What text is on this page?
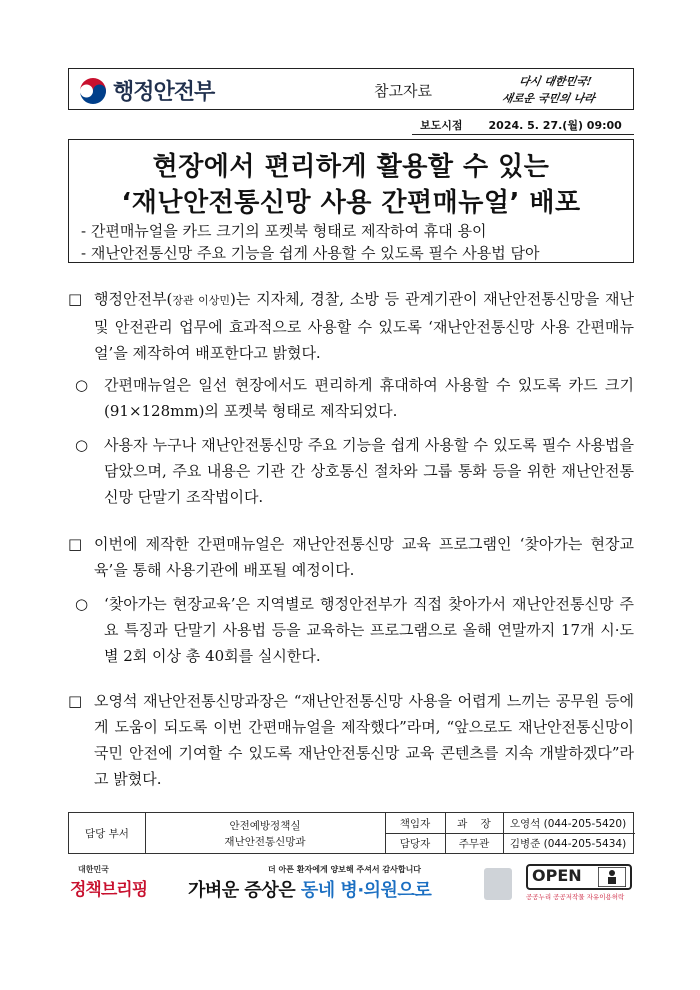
행정안전부	참고자료
다시 대한민국!
새로운 국민의 나라
보도시점 2024. 5. 27.(월) 09:00
현장에서 편리하게 활용할 수 있는
‘재난안전통신망 사용 간편매뉴얼’ 배포
- 간편매뉴얼을 카드 크기의 포켓북 형태로 제작하여 휴대 용이
- 재난안전통신망 주요 기능을 쉽게 사용할 수 있도록 필수 사용법 담아
□ 행정안전부(장관 이상민)는 지자체, 경찰, 소방 등 관계기관이 재난안전통신망을 재난 및 안전관리 업무에 효과적으로 사용할 수 있도록 ‘재난안전통신망 사용 간편매뉴얼’을 제작하여 배포한다고 밝혔다.
○ 간편매뉴얼은 일선 현장에서도 편리하게 휴대하여 사용할 수 있도록 카드 크기(91×128mm)의 포켓북 형태로 제작되었다.
○ 사용자 누구나 재난안전통신망 주요 기능을 쉽게 사용할 수 있도록 필수 사용법을 담았으며, 주요 내용은 기관 간 상호통신 절차와 그룹 통화 등을 위한 재난안전통신망 단말기 조작법이다.
□ 이번에 제작한 간편매뉴얼은 재난안전통신망 교육 프로그램인 ‘찾아가는 현장교육’을 통해 사용기관에 배포될 예정이다.
○ ‘찾아가는 현장교육’은 지역별로 행정안전부가 직접 찾아가서 재난안전통신망 주요 특징과 단말기 사용법 등을 교육하는 프로그램으로 올해 연말까지 17개 시·도별 2회 이상 총 40회를 실시한다.
□ 오영석 재난안전통신망과장은 “재난안전통신망 사용을 어렵게 느끼는 공무원 등에게 도움이 되도록 이번 간편매뉴얼을 제작했다”라며, “앞으로도 재난안전통신망이 국민 안전에 기여할 수 있도록 재난안전통신망 교육 콘텐츠를 지속 개발하겠다”라고 밝혔다.
담당 부서
안전예방정책실
재난안전통신망과
책임자
담당자
과    장
주무관
오영석 (044-205-5420)
김병준 (044-205-5434)
대한민국
정책브리핑
더 아픈 환자에게 양보해 주셔서 감사합니다
가벼운 증상은 동네 병·의원으로
OPEN
공공누리 공공저작물 자유이용허락
